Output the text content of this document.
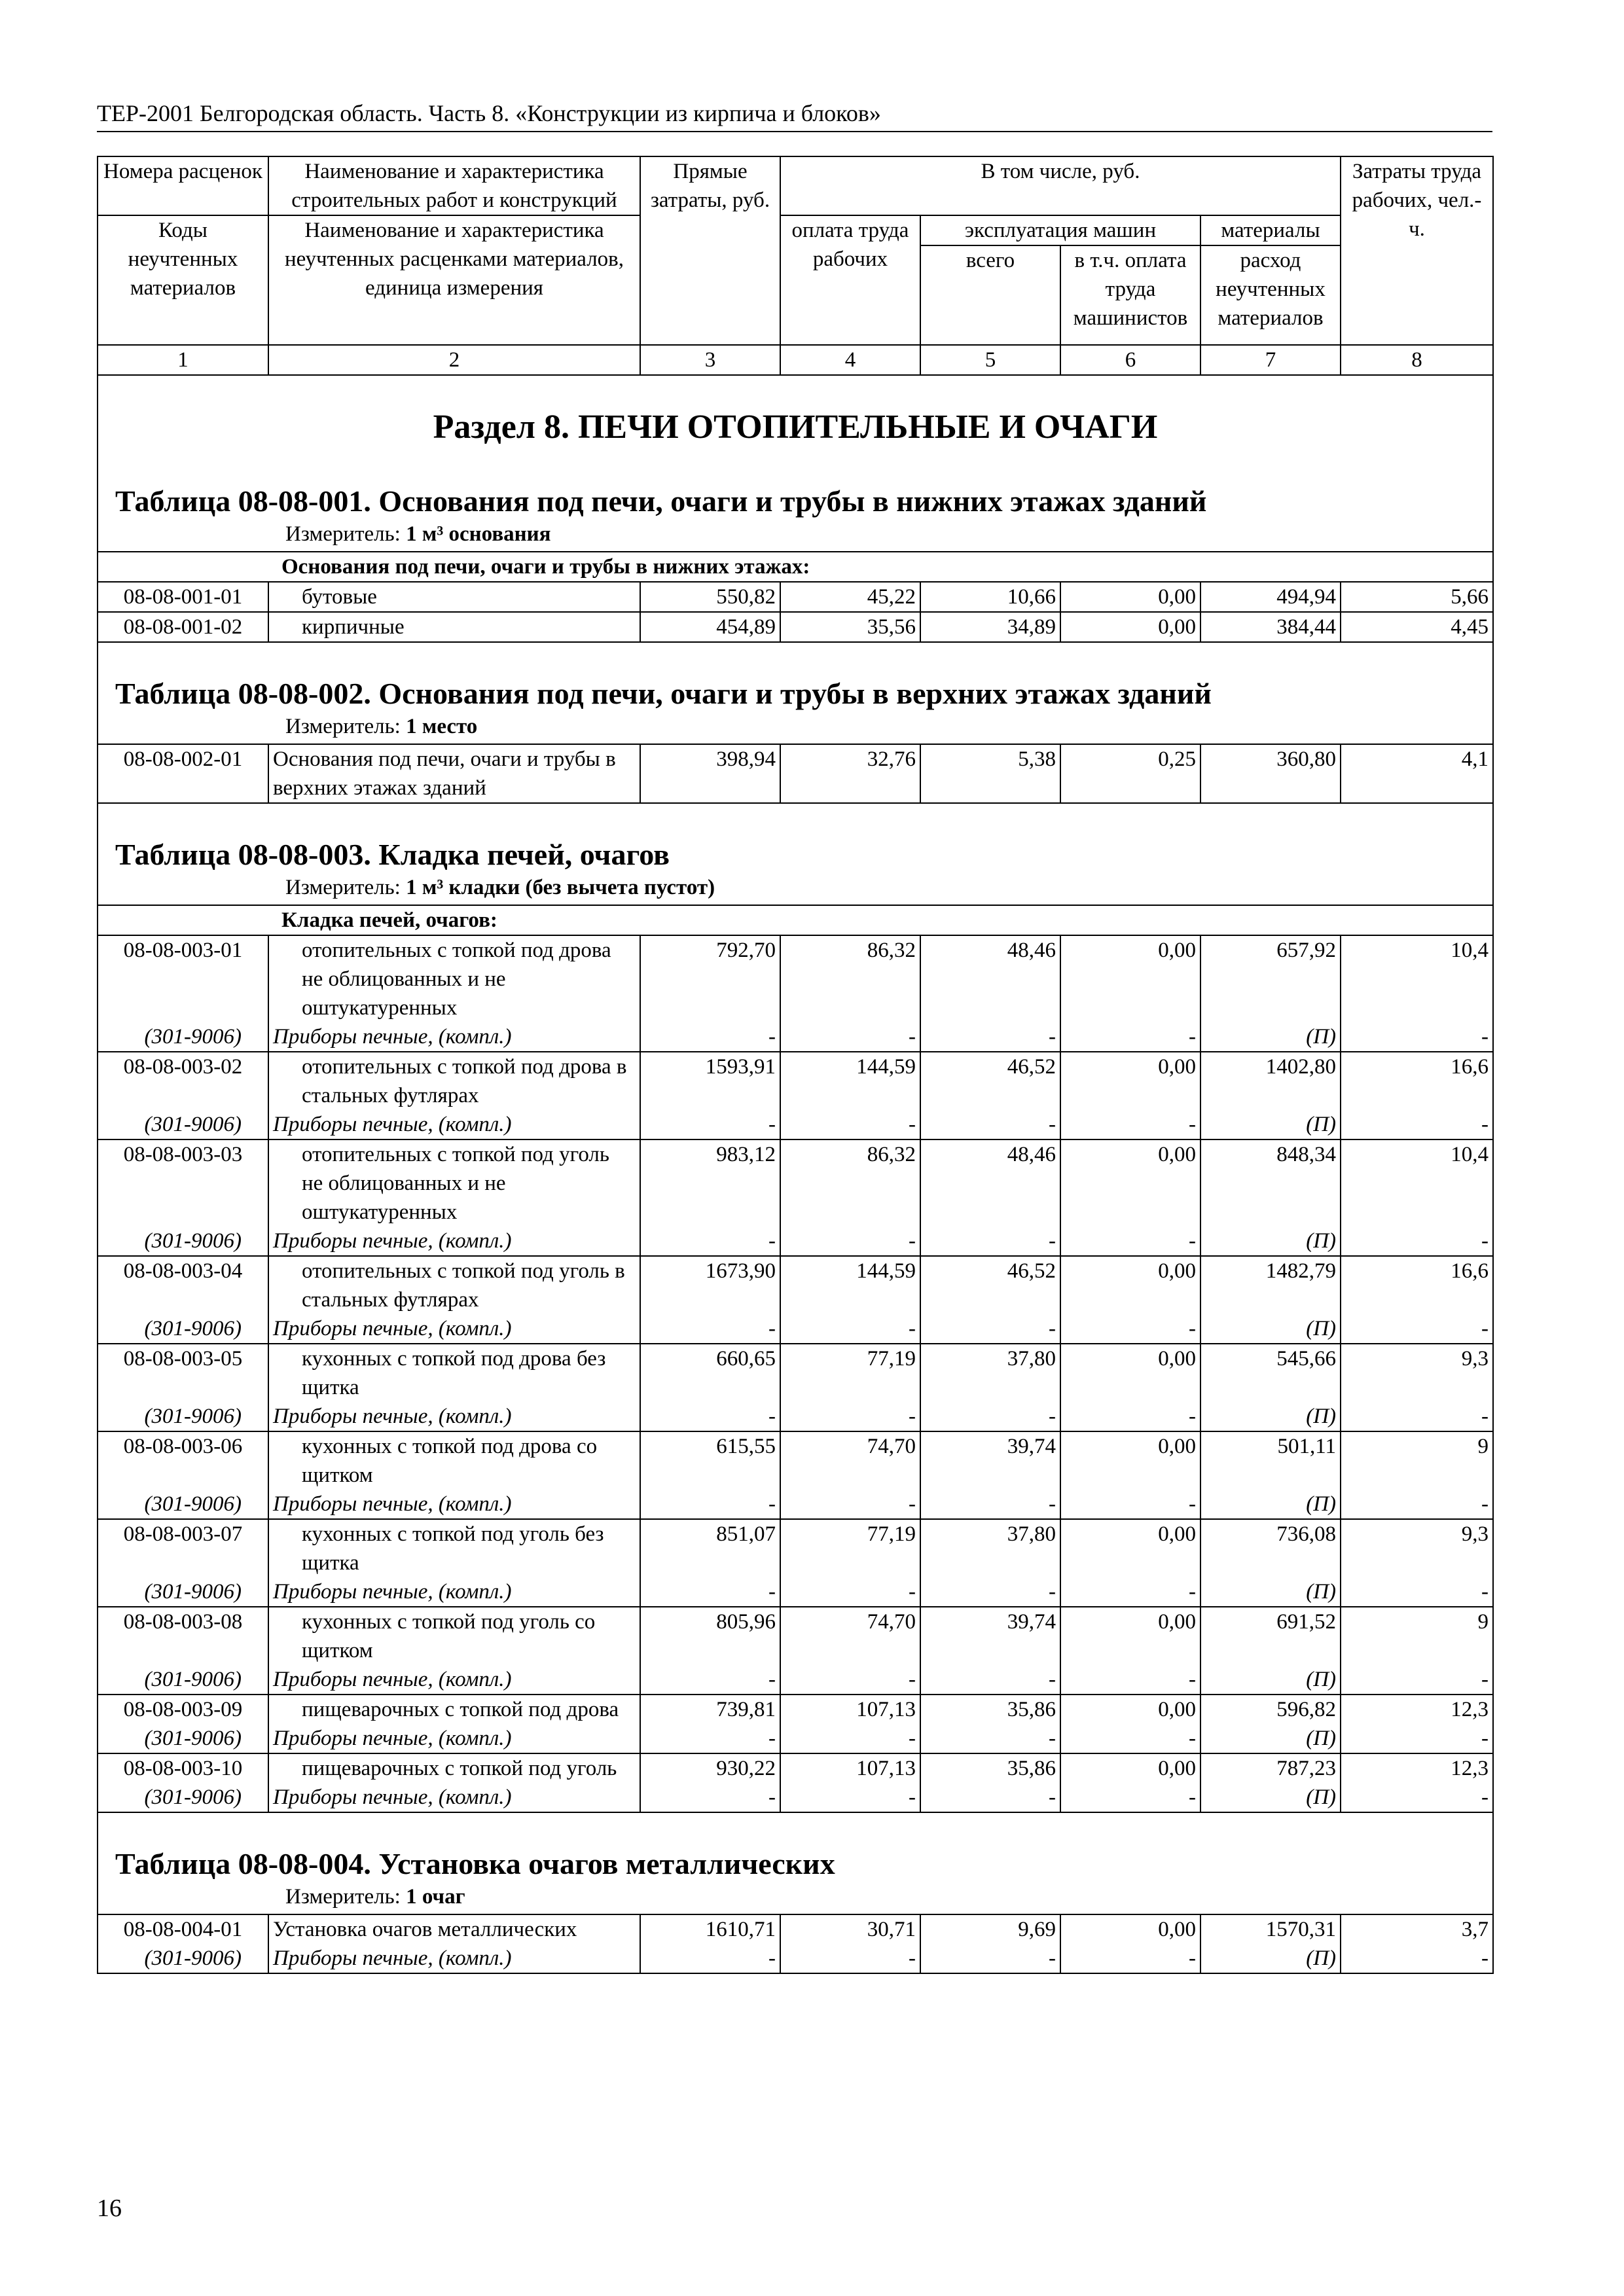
ТЕР-2001 Белгородская область. Часть 8. «Конструкции из кирпича и блоков»
Номера расценок	Наименование и характеристика строительных работ и конструкций	Прямые затраты, руб.	В том числе, руб.				Затраты труда рабочих, чел.-ч.
Коды неучтенных материалов	Наименование и характеристика неучтенных расценками материалов, единица измерения		оплата труда рабочих	эксплуатация машин		материалы	
				всего	в т.ч. оплата труда машинистов	расход неучтенных материалов	
1	2	3	4	5	6	7	8

Раздел 8. ПЕЧИ ОТОПИТЕЛЬНЫЕ И ОЧАГИ
Таблица 08-08-001. Основания под печи, очаги и трубы в нижних этажах зданий
Измеритель: 1 м³ основания							

Основания под печи, очаги и трубы в нижних этажах:							
08-08-001-01	бутовые	550,82	45,22	10,66	0,00	494,94	5,66
08-08-001-02	кирпичные	454,89	35,56	34,89	0,00	384,44	4,45

Таблица 08-08-002. Основания под печи, очаги и трубы в верхних этажах зданий
Измеритель: 1 место							

08-08-002-01	Основания под печи, очаги и трубы в верхних этажах зданий	398,94	32,76	5,38	0,25	360,80	4,1

Таблица 08-08-003. Кладка печей, очагов
Измеритель: 1 м³ кладки (без вычета пустот)							

Кладка печей, очагов:							
08-08-003-01	отопительных с топкой под дрова не облицованных и не оштукатуренных	792,70	86,32	48,46	0,00	657,92	10,4
(301-9006)	Приборы печные, (компл.)	-	-	-	-	(П)	-
08-08-003-02	отопительных с топкой под дрова в стальных футлярах	1593,91	144,59	46,52	0,00	1402,80	16,6
(301-9006)	Приборы печные, (компл.)	-	-	-	-	(П)	-
08-08-003-03	отопительных с топкой под уголь не облицованных и не оштукатуренных	983,12	86,32	48,46	0,00	848,34	10,4
(301-9006)	Приборы печные, (компл.)	-	-	-	-	(П)	-
08-08-003-04	отопительных с топкой под уголь в стальных футлярах	1673,90	144,59	46,52	0,00	1482,79	16,6
(301-9006)	Приборы печные, (компл.)	-	-	-	-	(П)	-
08-08-003-05	кухонных с топкой под дрова без щитка	660,65	77,19	37,80	0,00	545,66	9,3
(301-9006)	Приборы печные, (компл.)	-	-	-	-	(П)	-
08-08-003-06	кухонных с топкой под дрова со щитком	615,55	74,70	39,74	0,00	501,11	9
(301-9006)	Приборы печные, (компл.)	-	-	-	-	(П)	-
08-08-003-07	кухонных с топкой под уголь без щитка	851,07	77,19	37,80	0,00	736,08	9,3
(301-9006)	Приборы печные, (компл.)	-	-	-	-	(П)	-
08-08-003-08	кухонных с топкой под уголь со щитком	805,96	74,70	39,74	0,00	691,52	9
(301-9006)	Приборы печные, (компл.)	-	-	-	-	(П)	-
08-08-003-09	пищеварочных с топкой под дрова	739,81	107,13	35,86	0,00	596,82	12,3
(301-9006)	Приборы печные, (компл.)	-	-	-	-	(П)	-
08-08-003-10	пищеварочных с топкой под уголь	930,22	107,13	35,86	0,00	787,23	12,3
(301-9006)	Приборы печные, (компл.)	-	-	-	-	(П)	-

Таблица 08-08-004. Установка очагов металлических
Измеритель: 1 очаг							

08-08-004-01	Установка очагов металлических	1610,71	30,71	9,69	0,00	1570,31	3,7
(301-9006)	Приборы печные, (компл.)	-	-	-	-	(П)	-
16
